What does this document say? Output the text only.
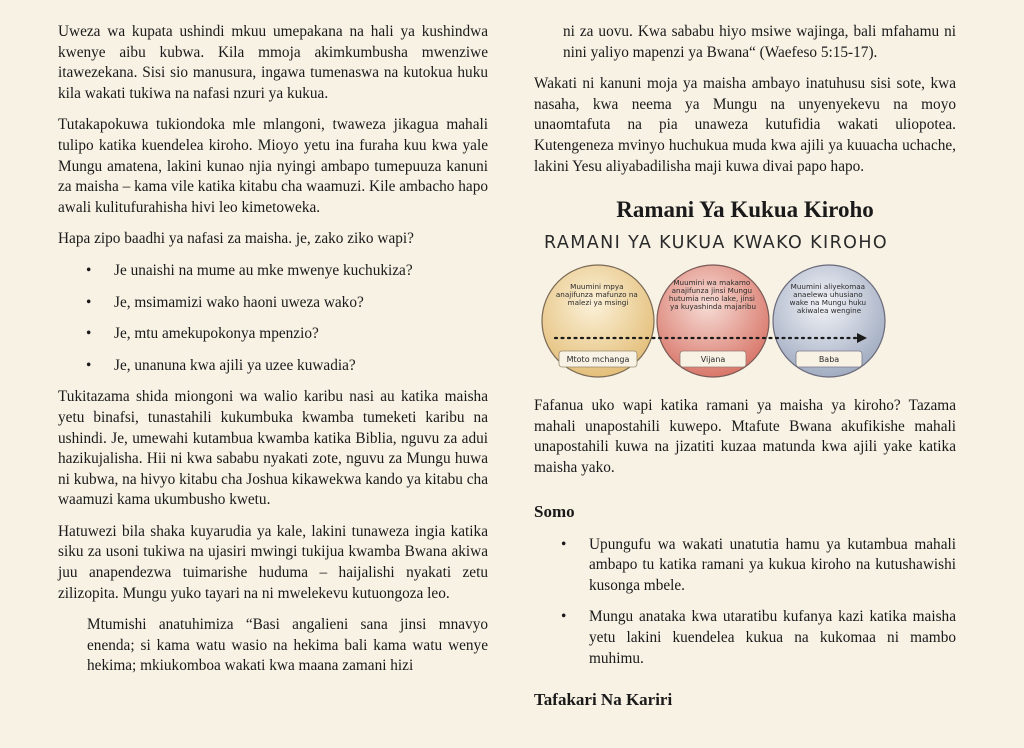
Uweza wa kupata ushindi mkuu umepakana na hali ya kushindwa kwenye aibu kubwa. Kila mmoja akimkumbusha mwenziwe itawezekana. Sisi sio manusura, ingawa tumenaswa na kutokua huku kila wakati tukiwa na nafasi nzuri ya kukua.

Tutakapokuwa tukiondoka mle mlangoni, twaweza jikagua mahali tulipo katika kuendelea kiroho. Mioyo yetu ina furaha kuu kwa yale Mungu amatena, lakini kunao njia nyingi ambapo tumepuuza kanuni za maisha – kama vile katika kitabu cha waamuzi. Kile ambacho hapo awali kulitufurahisha hivi leo kimetoweka.

Hapa zipo baadhi ya nafasi za maisha. je, zako ziko wapi?

• Je unaishi na mume au mke mwenye kuchukiza?
• Je, msimamizi wako haoni uweza wako?
• Je, mtu amekupokonya mpenzio?
• Je, unanuna kwa ajili ya uzee kuwadia?

Tukitazama shida miongoni wa walio karibu nasi au katika maisha yetu binafsi, tunastahili kukumbuka kwamba tumeketi karibu na ushindi. Je, umewahi kutambua kwamba katika Biblia, nguvu za adui hazikujalisha. Hii ni kwa sababu nyakati zote, nguvu za Mungu huwa ni kubwa, na hivyo kitabu cha Joshua kikawekwa kando ya kitabu cha waamuzi kama ukumbusho kwetu.

Hatuwezi bila shaka kuyarudia ya kale, lakini tunaweza ingia katika siku za usoni tukiwa na ujasiri mwingi tukijua kwamba Bwana akiwa juu anapendezwa tuimarishe huduma – haijalishi nyakati zetu zilizopita. Mungu yuko tayari na ni mwelekevu kutuongoza leo.

Mtumishi anatuhimiza “Basi angalieni sana jinsi mnavyo enenda; si kama watu wasio na hekima bali kama watu wenye hekima; mkiukomboa wakati kwa maana zamani hizi

ni za uovu. Kwa sababu hiyo msiwe wajinga, bali mfahamu ni nini yaliyo mapenzi ya Bwana“ (Waefeso 5:15-17).

Wakati ni kanuni moja ya maisha ambayo inatuhusu sisi sote, kwa nasaha, kwa neema ya Mungu na unyenyekevu na moyo unaomtafuta na pia unaweza kutufidia wakati uliopotea. Kutengeneza mvinyo huchukua muda kwa ajili ya kuuacha uchache, lakini Yesu aliyabadilisha maji kuwa divai papo hapo.

Ramani Ya Kukua Kiroho
RAMANI YA KUKUA KWAKO KIROHO
Muumini mpya anajifunza mafunzo na malezi ya msingi
Muumini wa makamo anajifunza jinsi Mungu hutumia neno lake, jinsi ya kuyashinda majaribu
Muumini aliyekomaa anaelewa uhusiano wake na Mungu huku akiwalea wengine
Mtoto mchanga	Vijana	Baba

Fafanua uko wapi katika ramani ya maisha ya kiroho? Tazama mahali unapostahili kuwepo. Mtafute Bwana akufikishe mahali unapostahili kuwa na jizatiti kuzaa matunda kwa ajili yake katika maisha yako.

Somo
• Upungufu wa wakati unatutia hamu ya kutambua mahali ambapo tu katika ramani ya kukua kiroho na kutushawishi kusonga mbele.
• Mungu anataka kwa utaratibu kufanya kazi katika maisha yetu lakini kuendelea kukua na kukomaa ni mambo muhimu.
Tafakari Na Kariri
